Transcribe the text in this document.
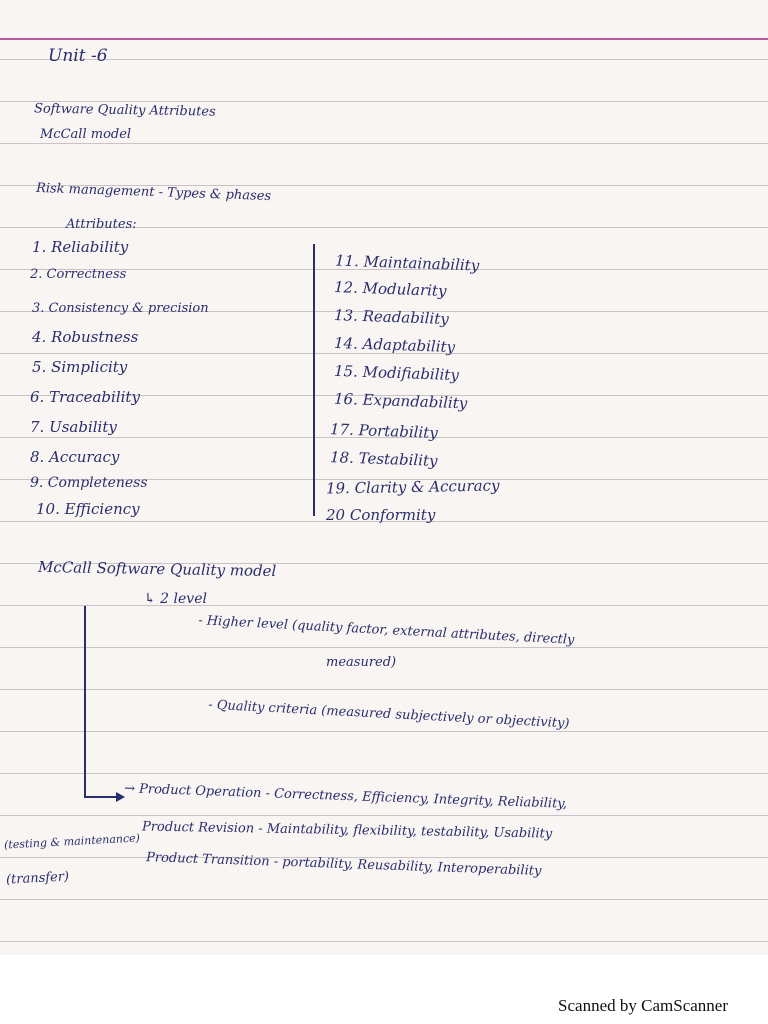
Unit -6
Software Quality Attributes
McCall model
Risk management - Types & phases
Attributes:
1. Reliability
2. Correctness
3. Consistency & precision
4. Robustness
5. Simplicity
6. Traceability
7. Usability
8. Accuracy
9. Completeness
10. Efficiency
11. Maintainability
12. Modularity
13. Readability
14. Adaptability
15. Modifiability
16. Expandability
17. Portability
18. Testability
19. Clarity & Accuracy
20 Conformity
McCall Software Quality model
↳ 2 level
- Higher level (quality factor, external attributes, directly
measured)
- Quality criteria (measured subjectively or objectivity)
→ Product Operation - Correctness, Efficiency, Integrity, Reliability,
(testing & maintenance) Product Revision - Maintability, flexibility, testability, Usability
(transfer)	Product Transition - portability, Reusability, Interoperability
Scanned by CamScanner
